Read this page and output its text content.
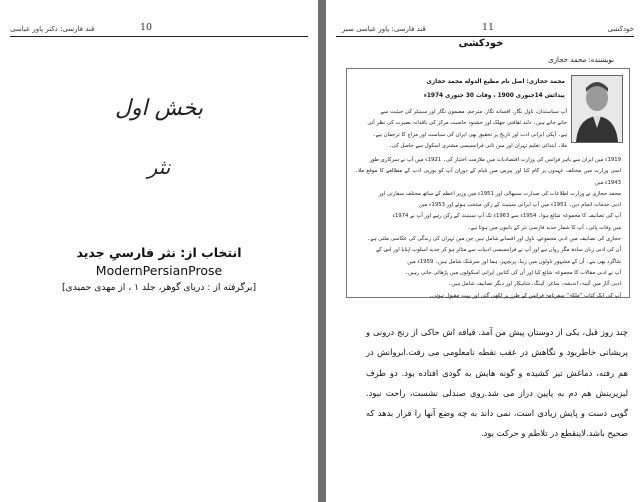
10
قند فارسی: دکتر پاور عباسی
بخش اول
نثر
انتخاب از: نثر فارسیِ جدید
ModernPersianProse
[برگرفته از : دریای گوهر، جلد ۱ ، از مهدی حمیدی]
11
قند فارسی: پاور عباسی سبر	خودکشی
خودکشی
نویسنده: محمد حجازی
محمد حجازی: اصل نام مطیع الدوله محمد حجازی
پیدائش 14جنوری 1900 ، وفات 30 جنوری 1974ء
آپ سیاستدان، ناول نگار، افسانه نگار، مترجم، مضمون نگار اور سینیٹر کی حیثیت سے
جانے جاتے ہیں۔ دلند ثقافتی جھلک اور خشنود خاصیت مرکز کی ناقدانہ بصیرت کی نظر آتی
ہے۔ آپکی ایرانی ادب اور تاریخ پر تحقیق بھی ایران کی سیاست اور مزاج کا ترجمان ہے۔
ملا۔ ابتدائی تعلیم تہران اور سن ثانی فرانسیسی مشنری اسکول سے حاصل کی۔
1919ء میں ایران سے باہر فرانس کی وزارت اقتصادیات میں ملازمت اختیار کی۔ 1921ء میں آپ نے سرکاری طور
اسی وزارت میں مختلف عہدوں پر کام کیا اور پیرس میں قیام کے دوران آپ کو یورپی ادب کے مطالعے کا موقع ملا۔ 1943ء میں
محمد حجازی نے وزارت اطلاعات کی صدارت سنبھالی اور 1951ء میں وزیر اعظم کے ساتھ مختلف سفارتی اور
ادبی خدمات انجام دیں۔ 1951ء میں آپ ایرانی سینیٹ کے رکن منتخب ہوئے اور 1953ء میں
آپ کی تصانیف کا مجموعہ شائع ہوا۔ 1954ء سے 1963ء تک آپ سینیٹ کے رکن رہے اور آپ نے 1974ء
میں وفات پائی۔ آپ کا شمار جدید فارسی نثر کے بانیوں میں ہوتا ہے۔
حجازی کی تصانیف میں ادبی مجموعے، ناول اور افسانے شامل ہیں جن میں تہران کی زندگی کی عکاسی ملتی ہے۔
اُن کی ادبی زبان سادہ مگر رواں ہے اور آپ نے فرانسیسی ادبیات سے متاثر ہو کر جدید اسلوب اپنایا اور اس کے
شاگرد بھی بنے۔ اُن کے مشہور ناولوں میں زیبا، پریچہر، ہما اور سرشک شامل ہیں۔ 1959ء میں
آپ نے ادبی مقالات کا مجموعہ شائع کیا اور اُن کی کتابیں ایرانی اسکولوں میں پڑھائی جاتی رہیں۔
ادبی آثار میں آئینہ، اندیشہ، ساغر، آہنگ، شاہکار اور دیگر تصانیف شامل ہیں۔
آپ کی ایک کتاب ”ملکہ“ سفرنامہ فرانس کے طرز پر لکھی گئی اور بہت مقبول ہوئی۔
چند روز قبل، یکی از دوستان پیش من آمد. قیافه اش حاکی از رنج درونی و پریشانی خاطربود و نگاهش در عقب نقطه نامعلومی می رفت.ابروانش در هم رفته، دماغش تیر کشیده و گونه هایش به گودی افتاده بود. دو طرف لبزیرینش هم دم به پایین دراز می شد.روی صندلی نشست، راحت نبود. گویی دست و پایش زیادی است، نمی داند به چه وضع آنها را قرار بدهد که صحیح باشد.لاینقطع در تلاطم و حرکت بود.
